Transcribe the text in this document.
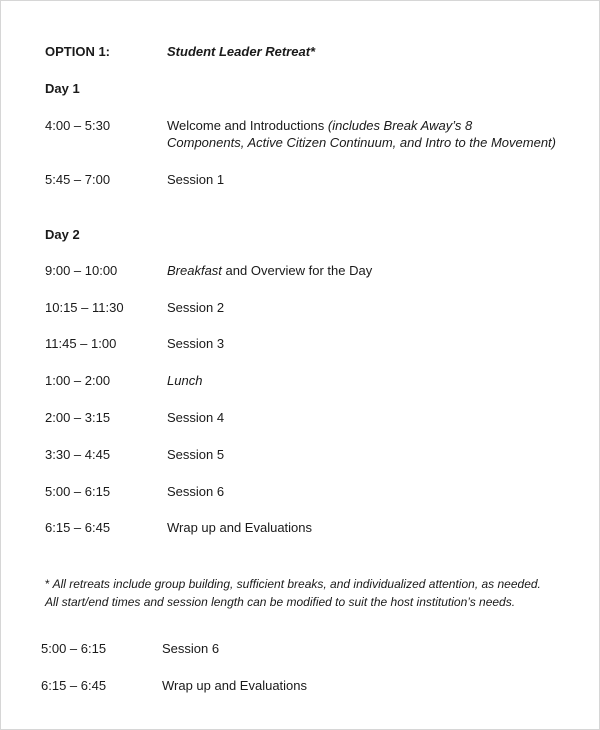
OPTION 1:	Student Leader Retreat*
Day 1
4:00 – 5:30	Welcome and Introductions (includes Break Away’s 8
Components, Active Citizen Continuum, and Intro to the Movement)
5:45 – 7:00	Session 1
Day 2
9:00 – 10:00	Breakfast and Overview for the Day
10:15 – 11:30	Session 2
11:45 – 1:00	Session 3
1:00 – 2:00	Lunch
2:00 – 3:15	Session 4
3:30 – 4:45	Session 5
5:00 – 6:15	Session 6
6:15 – 6:45	Wrap up and Evaluations
* All retreats include group building, sufficient breaks, and individualized attention, as needed. All start/end times and session length can be modified to suit the host institution’s needs.
5:00 – 6:15	Session 6
6:15 – 6:45	Wrap up and Evaluations
